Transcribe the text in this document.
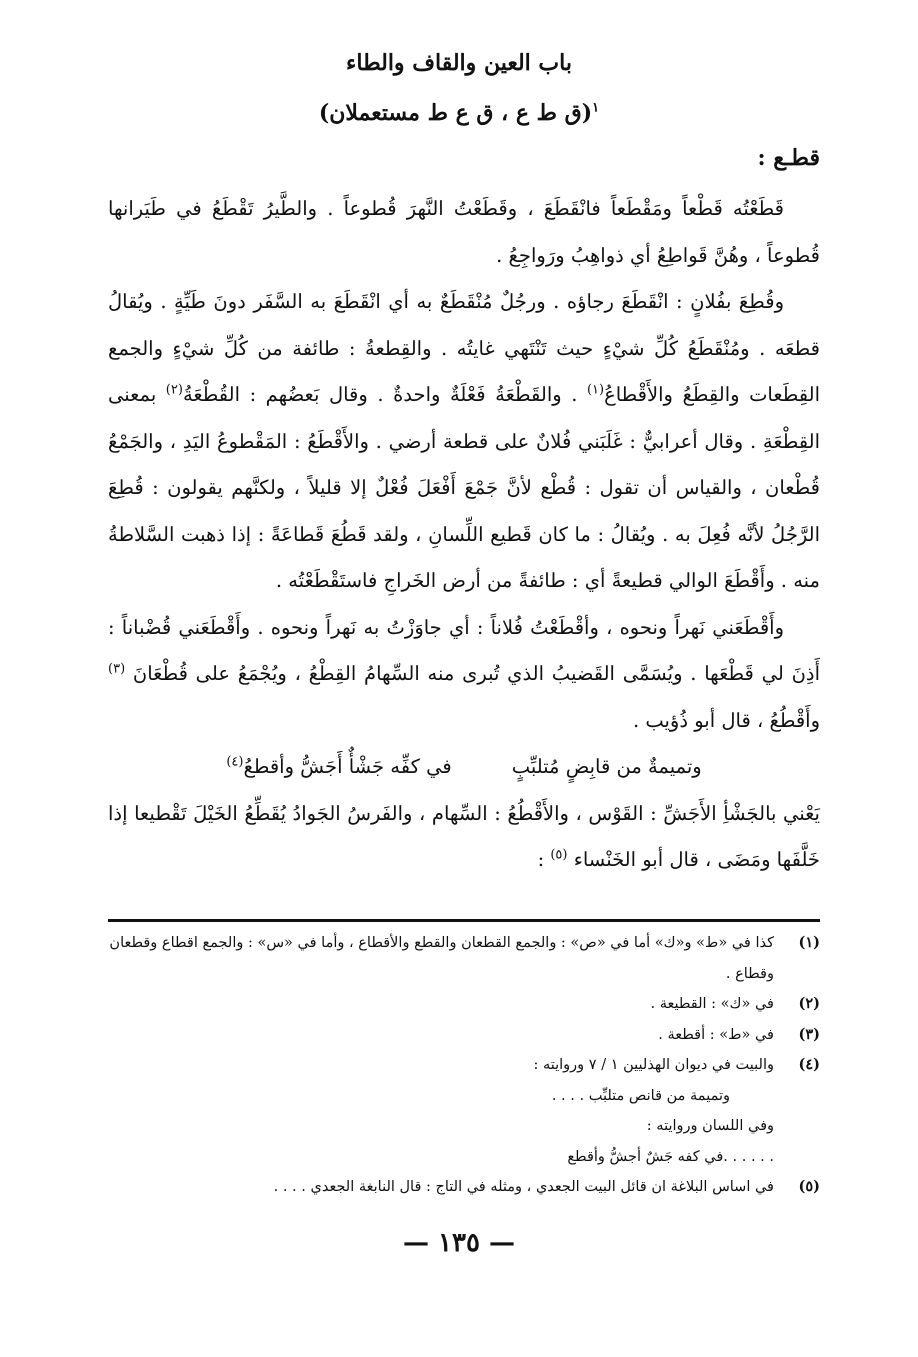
باب العين والقاف والطاء
$^١$(ق ط ع ، ق ع ط مستعملان)
قطـع :

قَطَعْتُه قَطْعاً ومَقْطَعاً فانْقَطَعَ ، وقَطَعْتُ النَّهرَ قُطوعاً . والطَّيرُ تَقْطَعُ في طَيَرانها قُطوعاً ، وهُنَّ قَواطِعُ أي ذواهِبُ ورَواجِعُ .

وقُطِعَ بفُلانٍ : انْقَطَعَ رجاؤه . ورجُلٌ مُنْقَطَعٌ به أي انْقَطَعَ به السَّفَر دونَ طَيِّةٍ . ويُقالُ قطعَه . ومُنْقَطَعُ كُلِّ شيْءٍ حيث تَنْتَهي غايتُه . والقِطعةُ : طائفة من كُلِّ شيْءٍ والجمع القِطَعات والقِطَعُ والأَقْطاعُ$^{(١)}$ . والقَطْعَةُ فَعْلَةٌ واحدةٌ . وقال بَعضُهم : القُطْعَةُ$^{(٢)}$ بمعنى القِطْعَةِ . وقال أعرابيٌّ : غَلَبَني فُلانٌ على قطعة أرضي . والأَقْطَعُ : المَقْطوعُ اليَدِ ، والجَمْعُ قُطْعان ، والقياس أن تقول : قُطْع لأنَّ جَمْعَ أَفْعَلَ فُعْلٌ إلا قليلاً ، ولكنَّهم يقولون : قُطِعَ الرَّجُلُ لأنَّه فُعِلَ به . ويُقالُ : ما كان قَطيع اللِّسانِ ، ولقد قَطُعَ قَطاعَةً : إذا ذهبت السَّلاطةُ منه . وأَقْطَعَ الوالي قطيعةً أي : طائفةً من أرض الخَراجِ فاستَقْطَعْتُه .

وأَقْطَعَني نَهراً ونحوه ، وأقْطَعْتُ فُلاناً : أي جاوَزْتُ به نَهراً ونحوه . وأَقْطَعَني قُضْباناً : أَذِنَ لي قَطْعَها . ويُسَمَّى القَضيبُ الذي تُبرى منه السِّهامُ القِطْعُ ، ويُجْمَعُ على قُطْعَانَ $^{(٣)}$ وأَقْطُعُ ، قال أبو ذُؤيب .

وتميمةٌ من قابِضٍ مُتلبِّبٍ
في كفِّه جَشْأٌ أَجَشُّ وأقطعُ$^{(٤)}$

يَعْني بالجَشْأِ الأَجَشِّ : القَوْس ، والأَقْطُعُ : السِّهام ، والفَرسُ الجَوادُ يُقَطِّعُ الخَيْلَ تَقْطيعا إذا خَلَّفَها ومَضَى ، قال أبو الخَنْساء $^{(٥)}$ :

(١)
كذا في «ط» و«ك» أما في «ص» : والجمع القطعان والقطع والأقطاع ، وأما في «س» : والجمع اقطاع وقطعان وقطاع .
(٢)
في «ك» : القطيعة .
(٣)
في «ط» : أقطعة .
(٤)
والبيت في ديوان الهذليين ١ / ٧ وروايته :
وتميمة من قانص متلبِّب . . . .
وفي اللسان وروايته :
. . . . . .في كفه جَشٌ أجشُّ وأقطع
(٥)
في اساس البلاغة ان قائل البيت الجعدي ، ومثله في التاج : قال النابغة الجعدي . . . .
— ١٣٥ —
